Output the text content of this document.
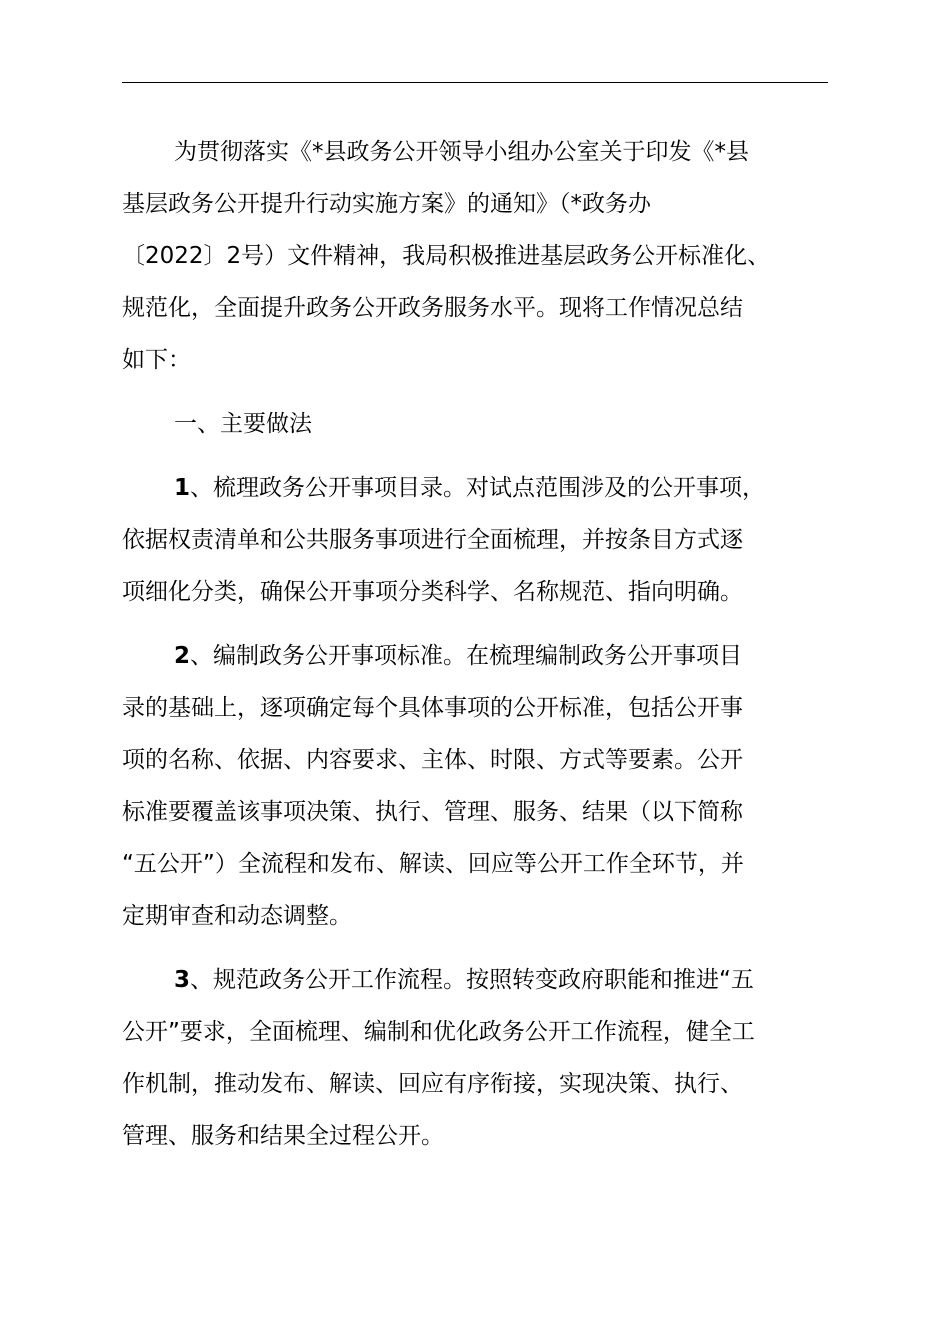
为贯彻落实《*县政务公开领导小组办公室关于印发《*县
基层政务公开提升行动实施方案》的通知》（*政务办
〔2022〕2号）文件精神，我局积极推进基层政务公开标准化、
规范化，全面提升政务公开政务服务水平。现将工作情况总结
如下：
一、主要做法
1、梳理政务公开事项目录。对试点范围涉及的公开事项，
依据权责清单和公共服务事项进行全面梳理，并按条目方式逐
项细化分类，确保公开事项分类科学、名称规范、指向明确。
2、编制政务公开事项标准。在梳理编制政务公开事项目
录的基础上，逐项确定每个具体事项的公开标准，包括公开事
项的名称、依据、内容要求、主体、时限、方式等要素。公开
标准要覆盖该事项决策、执行、管理、服务、结果（以下简称
“五公开”）全流程和发布、解读、回应等公开工作全环节，并
定期审查和动态调整。
3、规范政务公开工作流程。按照转变政府职能和推进“五
公开”要求，全面梳理、编制和优化政务公开工作流程，健全工
作机制，推动发布、解读、回应有序衔接，实现决策、执行、
管理、服务和结果全过程公开。
